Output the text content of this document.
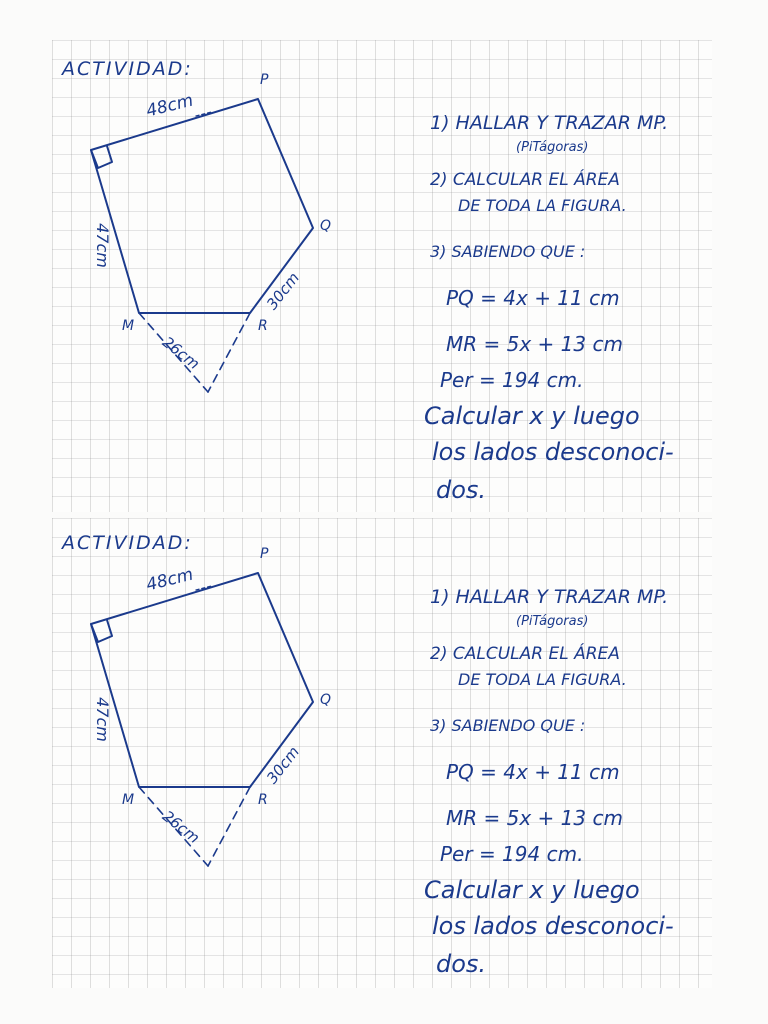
ACTIVIDAD:
48cm
47cm
26cm
30cm
P
Q
R
M
1) HALLAR Y TRAZAR MP.
(PiTágoras)
2) CALCULAR EL ÁREA
DE TODA LA FIGURA.
3) SABIENDO QUE :
PQ = 4x + 11 cm
MR = 5x + 13 cm
Per = 194 cm.
Calcular x y luego
los lados desconoci-
dos.
ACTIVIDAD:
48cm
47cm
26cm
30cm
P
Q
R
M
1) HALLAR Y TRAZAR MP.
(PiTágoras)
2) CALCULAR EL ÁREA
DE TODA LA FIGURA.
3) SABIENDO QUE :
PQ = 4x + 11 cm
MR = 5x + 13 cm
Per = 194 cm.
Calcular x y luego
los lados desconoci-
dos.
